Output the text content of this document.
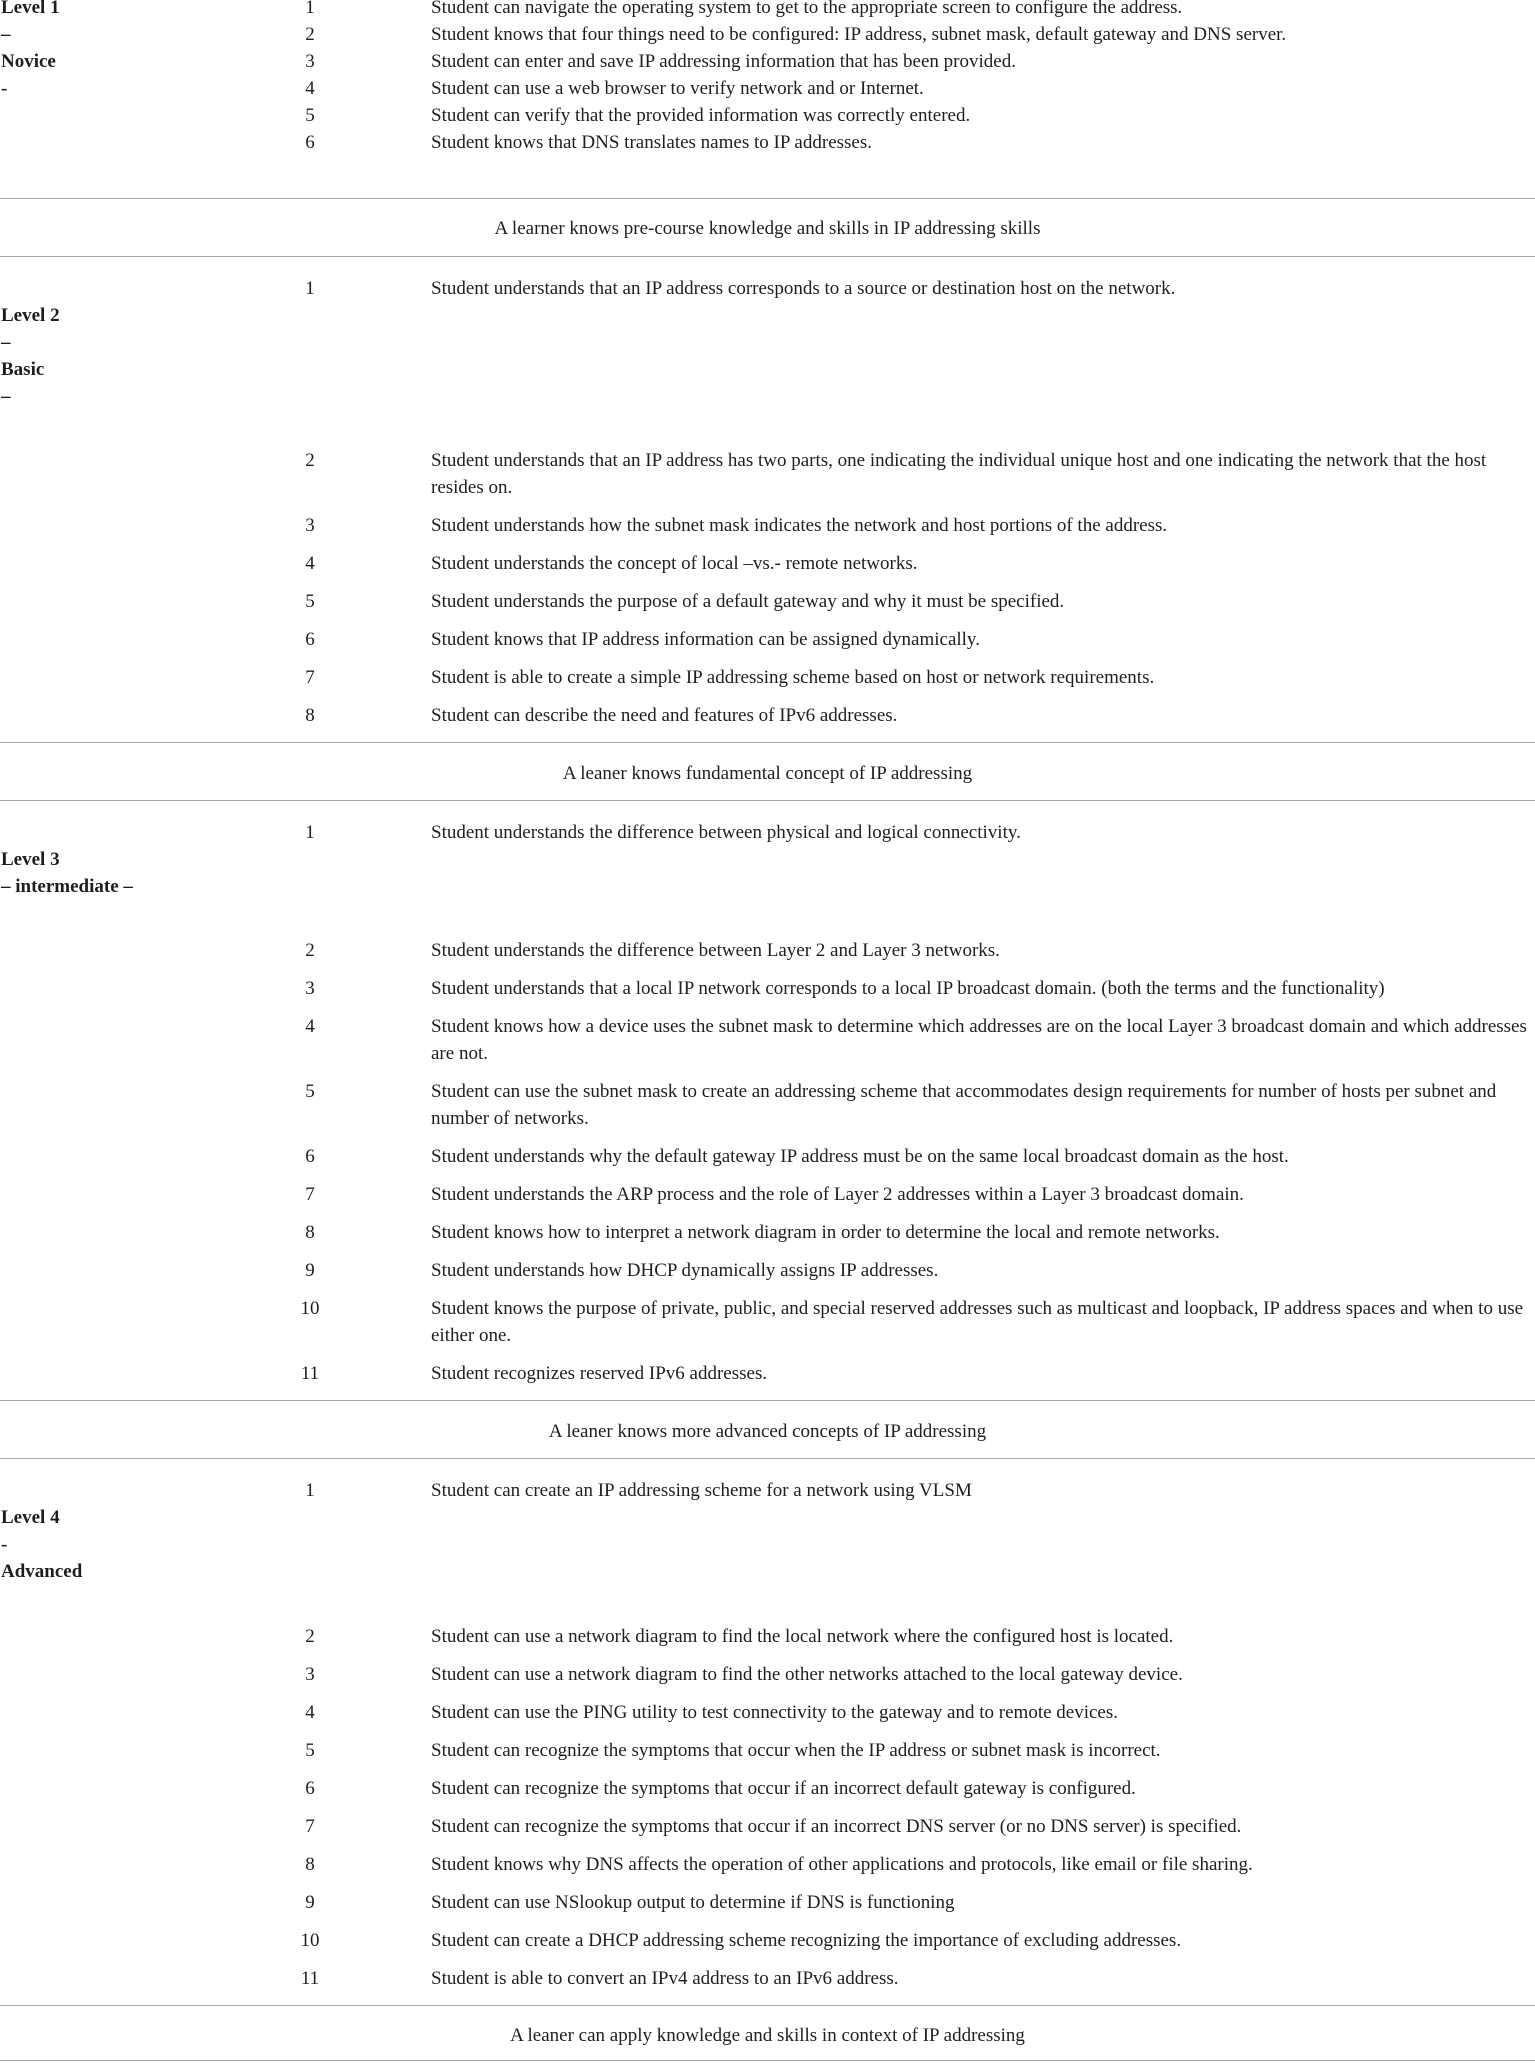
Level 1
–
Novice
-
1	Student can navigate the operating system to get to the appropriate screen to configure the address.
2	Student knows that four things need to be configured: IP address, subnet mask, default gateway and DNS server.
3	Student can enter and save IP addressing information that has been provided.
4	Student can use a web browser to verify network and or Internet.
5	Student can verify that the provided information was correctly entered.
6	Student knows that DNS translates names to IP addresses.
A learner knows pre-course knowledge and skills in IP addressing skills
Level 2
–
Basic
–
1	Student understands that an IP address corresponds to a source or destination host on the network.
2	Student understands that an IP address has two parts, one indicating the individual unique host and one indicating the network that the host resides on.
3	Student understands how the subnet mask indicates the network and host portions of the address.
4	Student understands the concept of local –vs.- remote networks.
5	Student understands the purpose of a default gateway and why it must be specified.
6	Student knows that IP address information can be assigned dynamically.
7	Student is able to create a simple IP addressing scheme based on host or network requirements.
8	Student can describe the need and features of IPv6 addresses.
A leaner knows fundamental concept of IP addressing
Level 3
– intermediate –
1	Student understands the difference between physical and logical connectivity.
2	Student understands the difference between Layer 2 and Layer 3 networks.
3	Student understands that a local IP network corresponds to a local IP broadcast domain. (both the terms and the functionality)
4	Student knows how a device uses the subnet mask to determine which addresses are on the local Layer 3 broadcast domain and which addresses are not.
5	Student can use the subnet mask to create an addressing scheme that accommodates design requirements for number of hosts per subnet and number of networks.
6	Student understands why the default gateway IP address must be on the same local broadcast domain as the host.
7	Student understands the ARP process and the role of Layer 2 addresses within a Layer 3 broadcast domain.
8	Student knows how to interpret a network diagram in order to determine the local and remote networks.
9	Student understands how DHCP dynamically assigns IP addresses.
10	Student knows the purpose of private, public, and special reserved addresses such as multicast and loopback, IP address spaces and when to use either one.
11	Student recognizes reserved IPv6 addresses.
A leaner knows more advanced concepts of IP addressing
Level 4
-
Advanced
1	Student can create an IP addressing scheme for a network using VLSM
2	Student can use a network diagram to find the local network where the configured host is located.
3	Student can use a network diagram to find the other networks attached to the local gateway device.
4	Student can use the PING utility to test connectivity to the gateway and to remote devices.
5	Student can recognize the symptoms that occur when the IP address or subnet mask is incorrect.
6	Student can recognize the symptoms that occur if an incorrect default gateway is configured.
7	Student can recognize the symptoms that occur if an incorrect DNS server (or no DNS server) is specified.
8	Student knows why DNS affects the operation of other applications and protocols, like email or file sharing.
9	Student can use NSlookup output to determine if DNS is functioning
10	Student can create a DHCP addressing scheme recognizing the importance of excluding addresses.
11	Student is able to convert an IPv4 address to an IPv6 address.
A leaner can apply knowledge and skills in context of IP addressing
